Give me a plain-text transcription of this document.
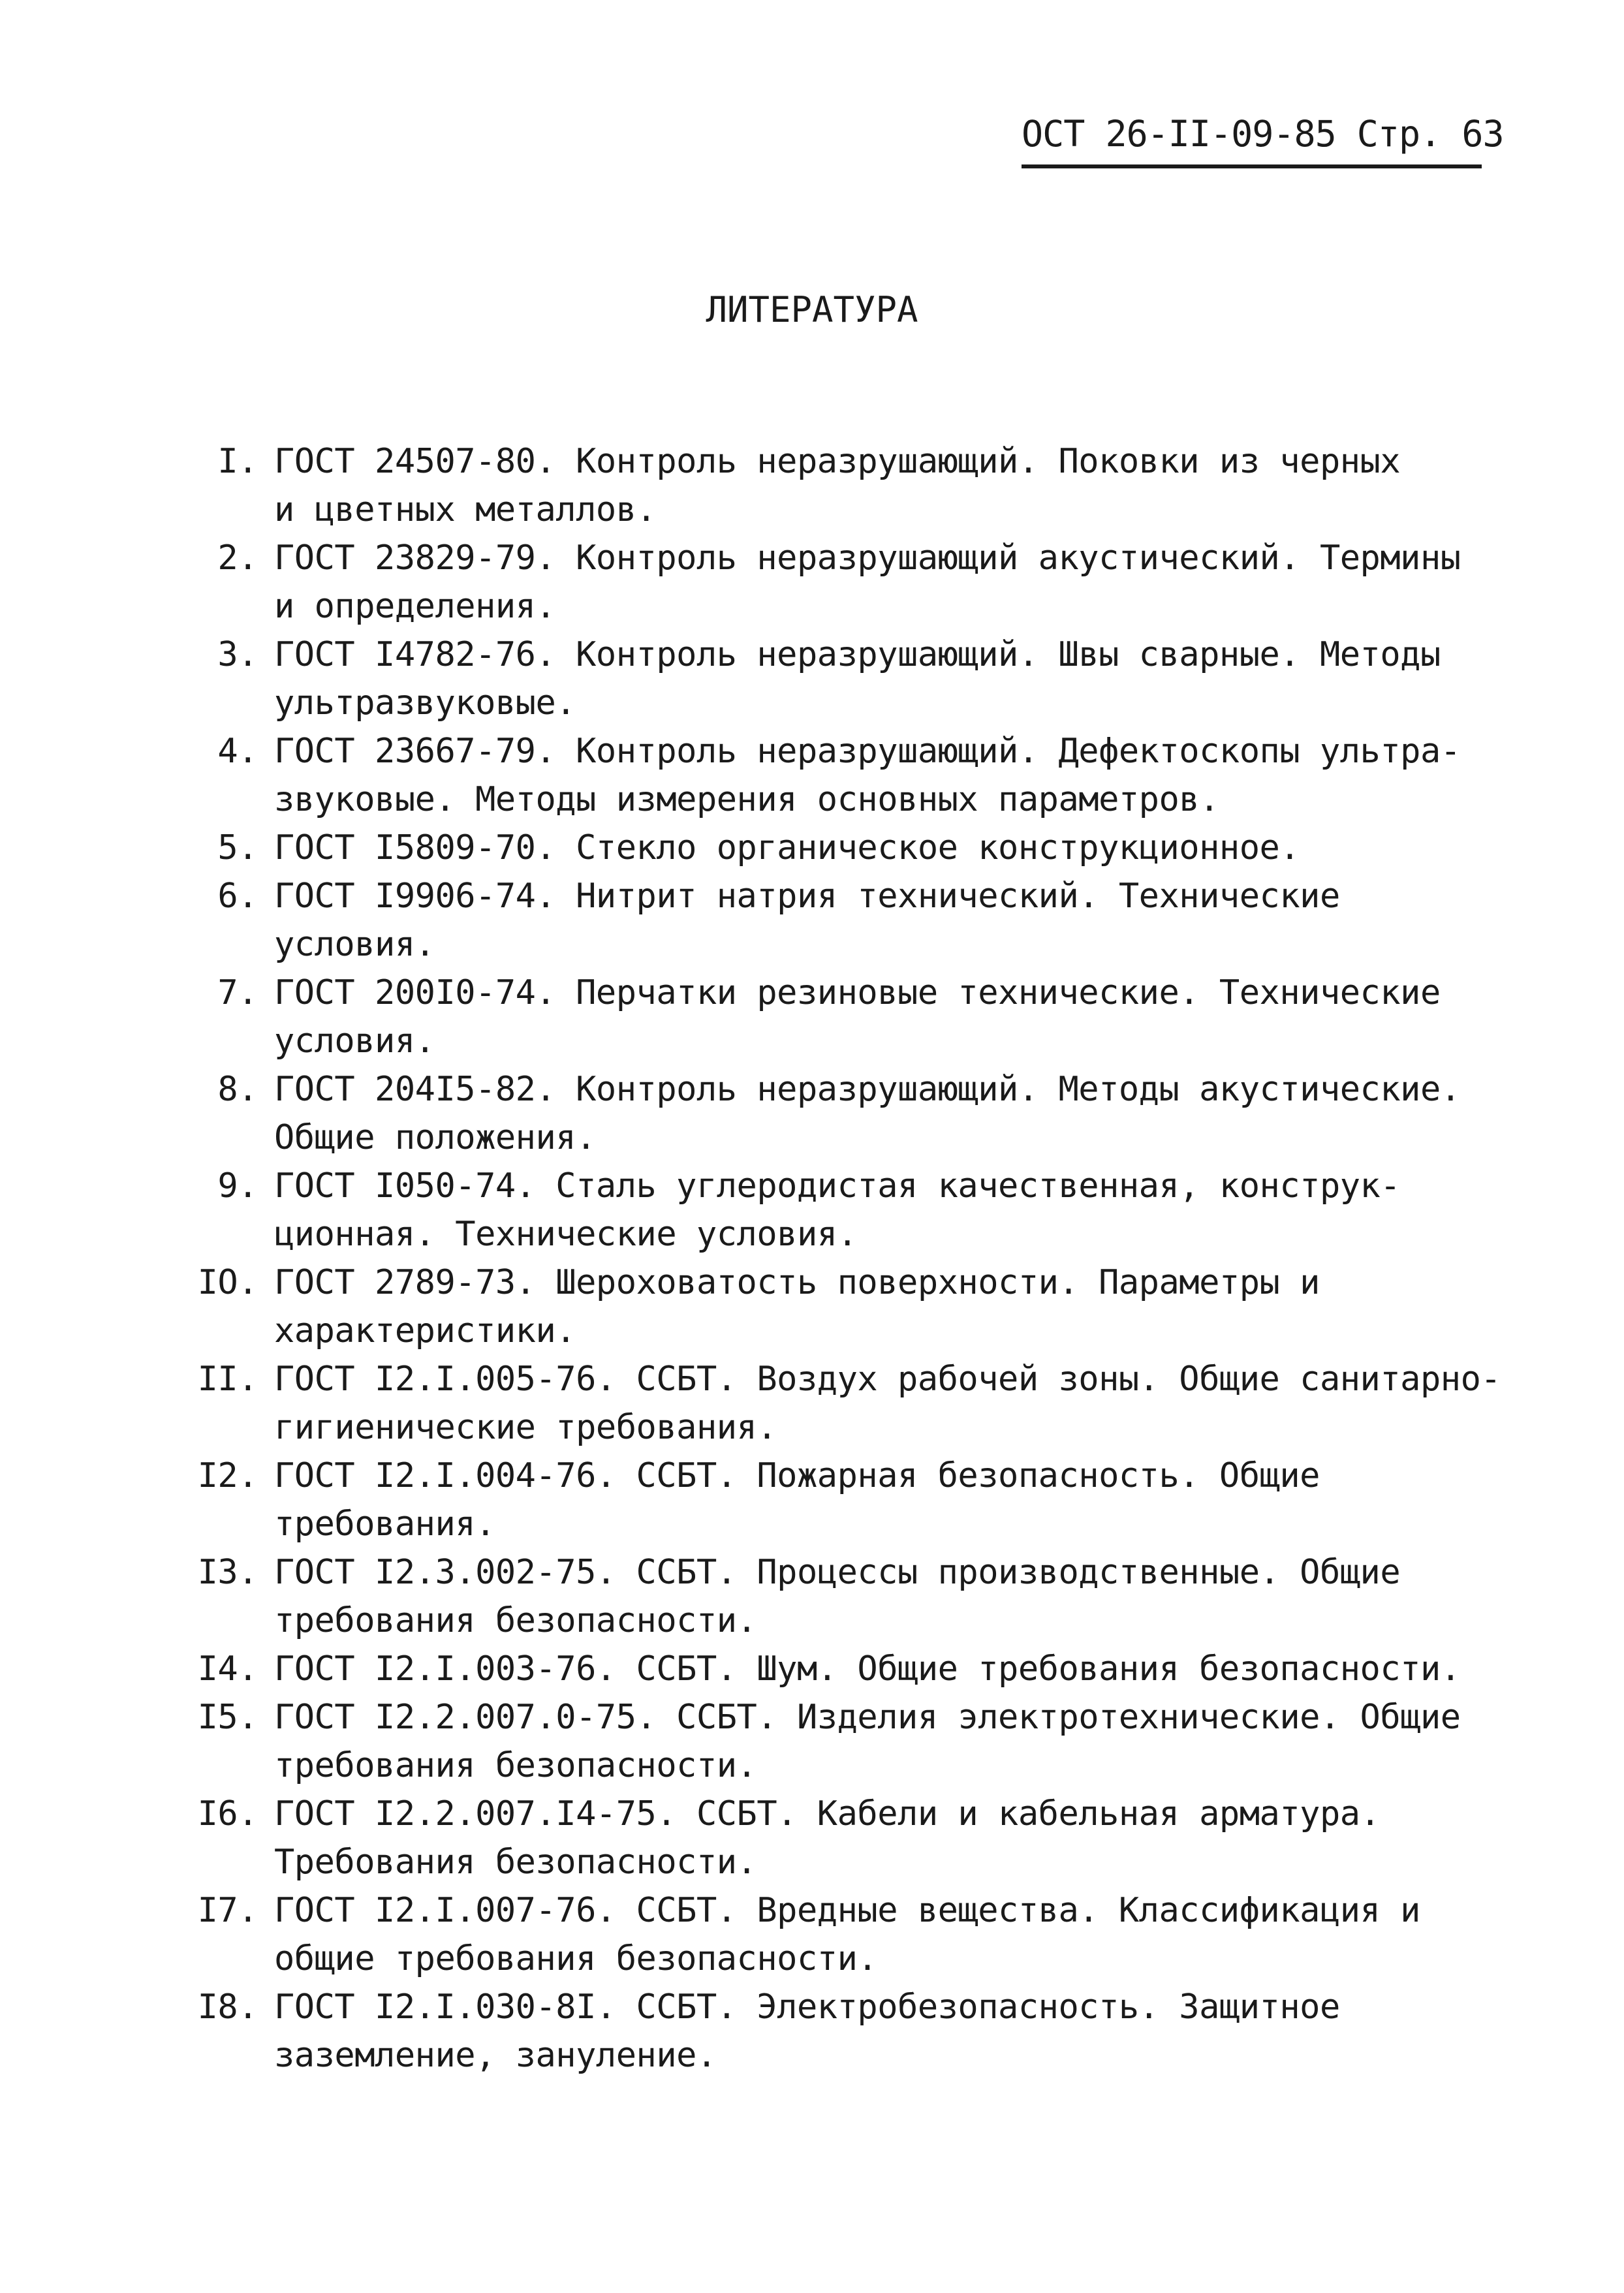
ОСТ 26-II-09-85 Стр. 63
ЛИТЕРАТУРА
I. ГОСТ 24507-80. Контроль неразрушающий. Поковки из черных
и цветных металлов.
2. ГОСТ 23829-79. Контроль неразрушающий акустический. Термины
и определения.
3. ГОСТ I4782-76. Контроль неразрушающий. Швы сварные. Методы
ультразвуковые.
4. ГОСТ 23667-79. Контроль неразрушающий. Дефектоскопы ультра-
звуковые. Методы измерения основных параметров.
5. ГОСТ I5809-70. Стекло органическое конструкционное.
6. ГОСТ I9906-74. Нитрит натрия технический. Технические
условия.
7. ГОСТ 200I0-74. Перчатки резиновые технические. Технические
условия.
8. ГОСТ 204I5-82. Контроль неразрушающий. Методы акустические.
Общие положения.
9. ГОСТ I050-74. Сталь углеродистая качественная, конструк-
ционная. Технические условия.
IO. ГОСТ 2789-73. Шероховатость поверхности. Параметры и
характеристики.
II. ГОСТ I2.I.005-76. ССБТ. Воздух рабочей зоны. Общие санитарно-
гигиенические требования.
I2. ГОСТ I2.I.004-76. ССБТ. Пожарная безопасность. Общие
требования.
I3. ГОСТ I2.3.002-75. ССБТ. Процессы производственные. Общие
требования безопасности.
I4. ГОСТ I2.I.003-76. ССБТ. Шум. Общие требования безопасности.
I5. ГОСТ I2.2.007.0-75. ССБТ. Изделия электротехнические. Общие
требования безопасности.
I6. ГОСТ I2.2.007.I4-75. ССБТ. Кабели и кабельная арматура.
Требования безопасности.
I7. ГОСТ I2.I.007-76. ССБТ. Вредные вещества. Классификация и
общие требования безопасности.
I8. ГОСТ I2.I.030-8I. ССБТ. Электробезопасность. Защитное
заземление, зануление.
